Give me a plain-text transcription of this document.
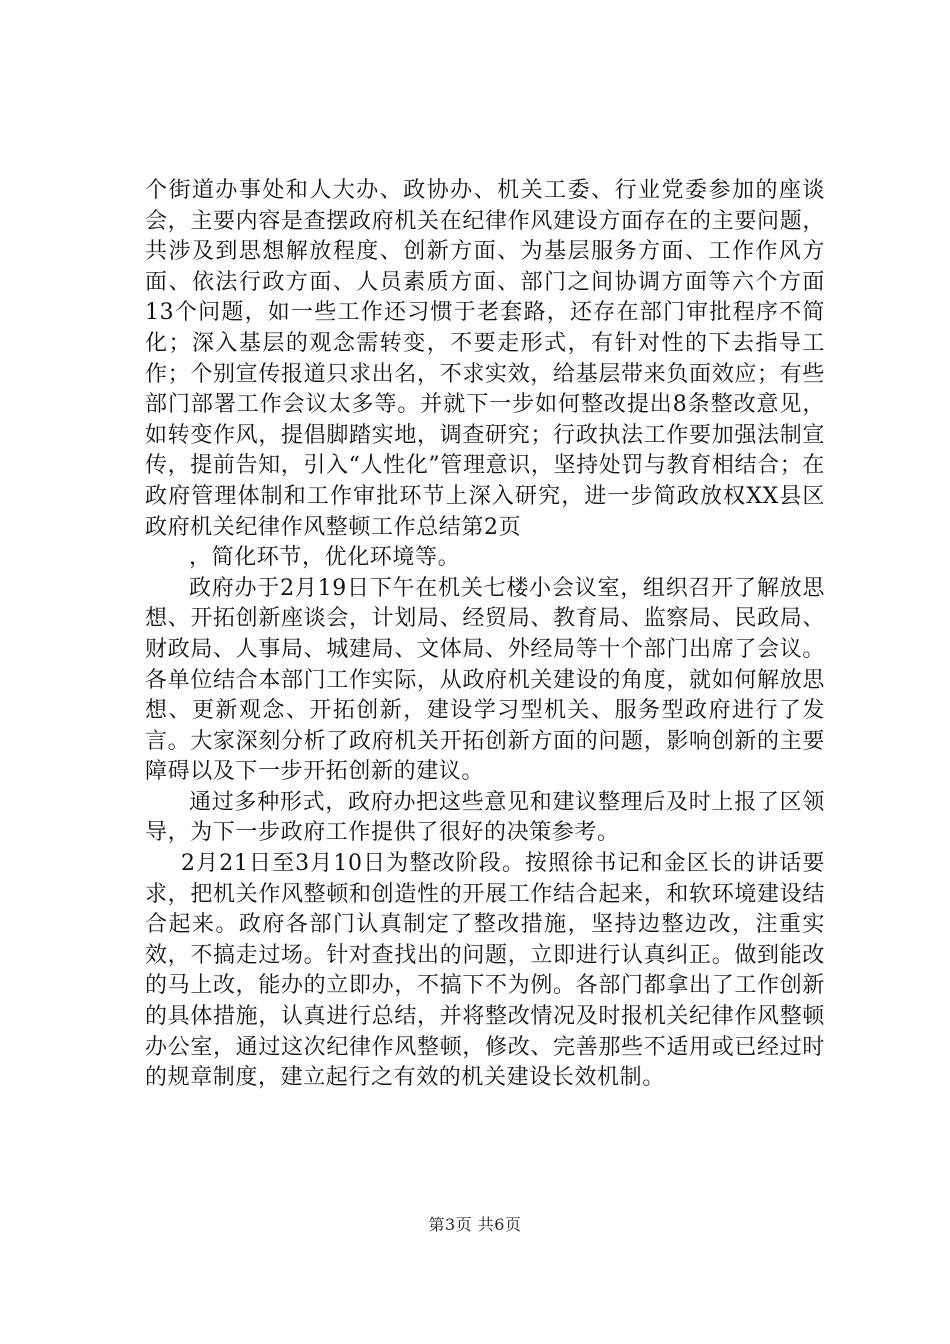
个街道办事处和人大办、政协办、机关工委、行业党委参加的座谈会，主要内容是查摆政府机关在纪律作风建设方面存在的主要问题，共涉及到思想解放程度、创新方面、为基层服务方面、工作作风方面、依法行政方面、人员素质方面、部门之间协调方面等六个方面13个问题，如一些工作还习惯于老套路，还存在部门审批程序不简化；深入基层的观念需转变，不要走形式，有针对性的下去指导工作；个别宣传报道只求出名，不求实效，给基层带来负面效应；有些部门部署工作会议太多等。并就下一步如何整改提出8条整改意见，如转变作风，提倡脚踏实地，调查研究；行政执法工作要加强法制宣传，提前告知，引入“人性化”管理意识，坚持处罚与教育相结合；在政府管理体制和工作审批环节上深入研究，进一步简政放权XX县区政府机关纪律作风整顿工作总结第2页

，简化环节，优化环境等。

政府办于2月19日下午在机关七楼小会议室，组织召开了解放思想、开拓创新座谈会，计划局、经贸局、教育局、监察局、民政局、财政局、人事局、城建局、文体局、外经局等十个部门出席了会议。各单位结合本部门工作实际，从政府机关建设的角度，就如何解放思想、更新观念、开拓创新，建设学习型机关、服务型政府进行了发言。大家深刻分析了政府机关开拓创新方面的问题，影响创新的主要障碍以及下一步开拓创新的建议。

通过多种形式，政府办把这些意见和建议整理后及时上报了区领导，为下一步政府工作提供了很好的决策参考。

2月21日至3月10日为整改阶段。按照徐书记和金区长的讲话要求，把机关作风整顿和创造性的开展工作结合起来，和软环境建设结合起来。政府各部门认真制定了整改措施，坚持边整边改，注重实效，不搞走过场。针对查找出的问题，立即进行认真纠正。做到能改的马上改，能办的立即办，不搞下不为例。各部门都拿出了工作创新的具体措施，认真进行总结，并将整改情况及时报机关纪律作风整顿办公室，通过这次纪律作风整顿，修改、完善那些不适用或已经过时的规章制度，建立起行之有效的机关建设长效机制。

第3页 共6页
